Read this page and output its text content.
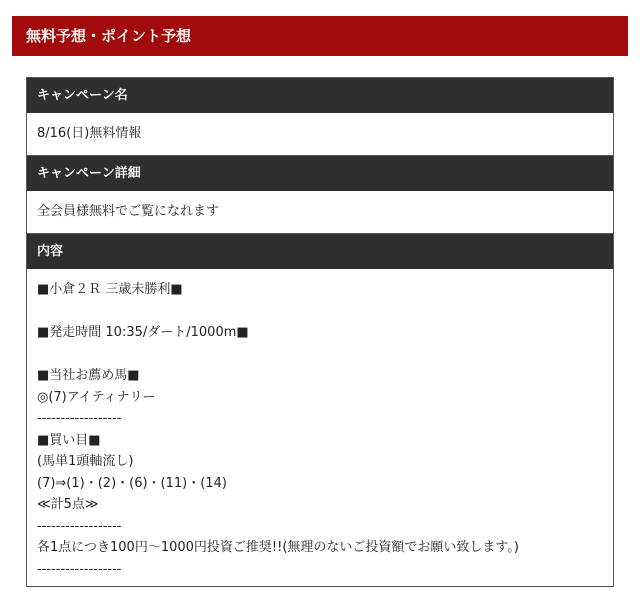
無料予想・ポイント予想
キャンペーン名
8/16(日)無料情報
キャンペーン詳細
全会員様無料でご覧になれます
内容
■小倉２Ｒ 三歳未勝利■
■発走時間 10:35/ダート/1000m■
■当社お薦め馬■
◎(7)アイティナリー
------------------
■買い目■
(馬単1頭軸流し)
(7)⇒(1)・(2)・(6)・(11)・(14)
≪計5点≫
------------------
各1点につき100円～1000円投資ご推奨!!(無理のないご投資額でお願い致します。)
------------------
